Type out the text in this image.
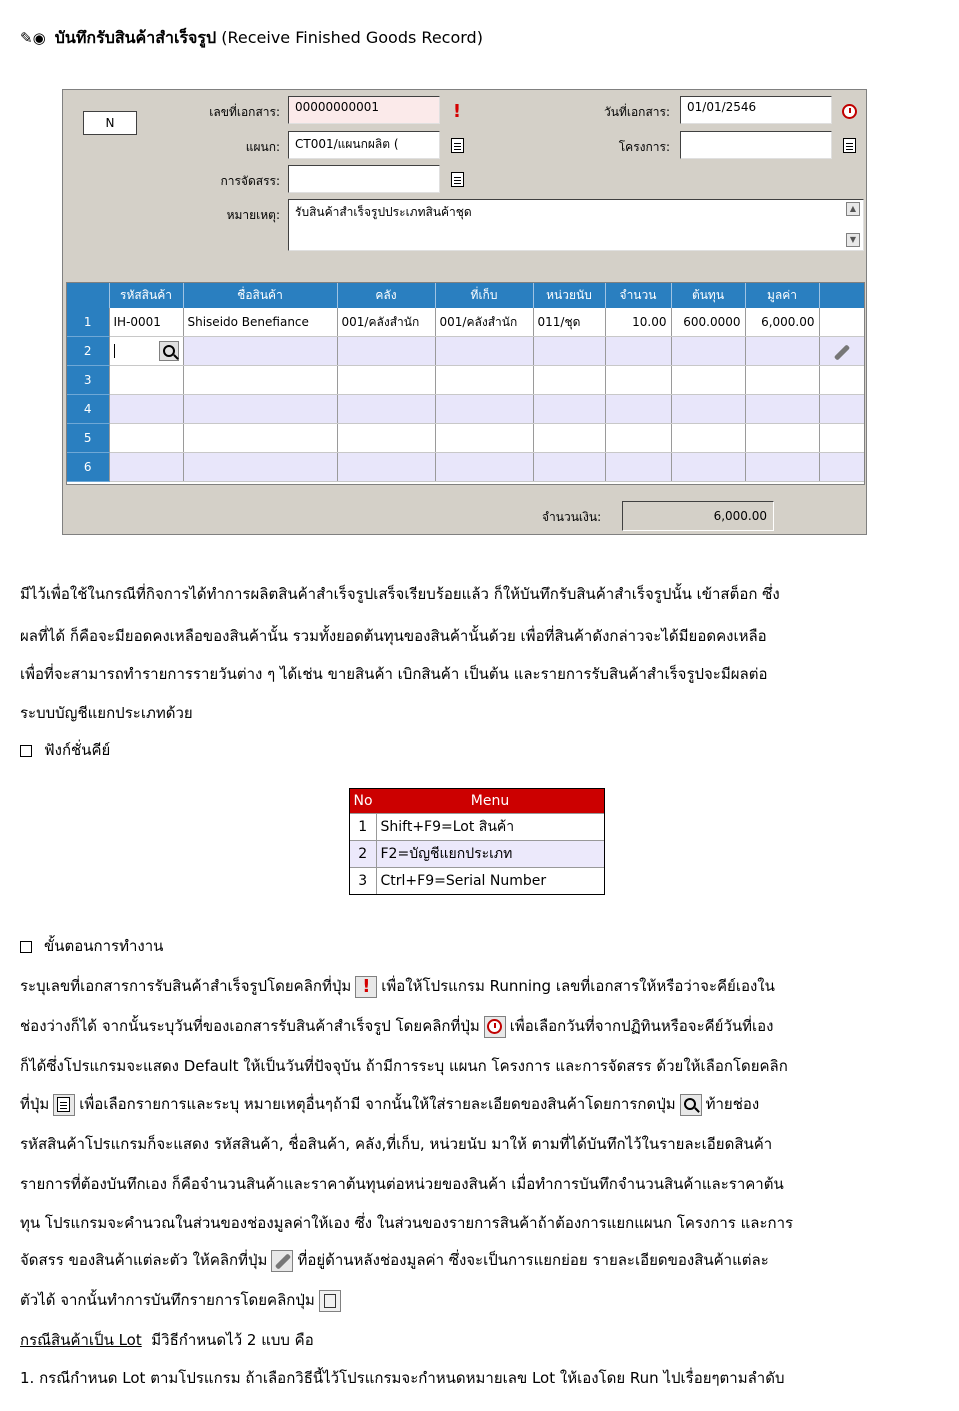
✎◉ บันทึกรับสินค้าสำเร็จรูป (Receive Finished Goods Record)
N
เลขที่เอกสาร:	00000000001	!
แผนก:	CT001/แผนกผลิต (
การจัดสรร:
วันที่เอกสาร:	01/01/2546
โครงการ:
หมายเหตุ:	รับสินค้าสำเร็จรูปประเภทสินค้าชุด	▲
▼
	รหัสสินค้า	ชื่อสินค้า	คลัง	ที่เก็บ	หน่วยนับ	จำนวน	ต้นทุน	มูลค่า	
1	IH-0001	Shiseido Benefiance	001/คลังสำนัก	001/คลังสำนัก	011/ชุด	10.00	600.0000	6,000.00	
2	

3									
4									
5									
6									
จำนวนเงิน:	6,000.00
มีไว้เพื่อใช้ในกรณีที่กิจการได้ทำการผลิตสินค้าสำเร็จรูปเสร็จเรียบร้อยแล้ว ก็ให้บันทึกรับสินค้าสำเร็จรูปนั้น เข้าสต็อก ซึ่ง
ผลที่ได้ ก็คือจะมียอดคงเหลือของสินค้านั้น รวมทั้งยอดต้นทุนของสินค้านั้นด้วย เพื่อที่สินค้าดังกล่าวจะได้มียอดคงเหลือ
เพื่อที่จะสามารถทำรายการรายวันต่าง ๆ ได้เช่น ขายสินค้า เบิกสินค้า เป็นต้น และรายการรับสินค้าสำเร็จรูปจะมีผลต่อ
ระบบบัญชีแยกประเภทด้วย
ฟังก์ชั่นคีย์
No	Menu
1	Shift+F9=Lot สินค้า
2	F2=บัญชีแยกประเภท
3	Ctrl+F9=Serial Number
ขั้นตอนการทำงาน
ระบุเลขที่เอกสารการรับสินค้าสำเร็จรูปโดยคลิกที่ปุ่ม ! เพื่อให้โปรแกรม Running เลขที่เอกสารให้หรือว่าจะคีย์เองใน
ช่องว่างก็ได้ จากนั้นระบุวันที่ของเอกสารรับสินค้าสำเร็จรูป โดยคลิกที่ปุ่ม เพื่อเลือกวันที่จากปฏิทินหรือจะคีย์วันที่เอง
ก็ได้ซึ่งโปรแกรมจะแสดง Default ให้เป็นวันที่ปัจจุบัน ถ้ามีการระบุ แผนก โครงการ และการจัดสรร ด้วยให้เลือกโดยคลิก
ที่ปุ่ม เพื่อเลือกรายการและระบุ หมายเหตุอื่นๆถ้ามี จากนั้นให้ใส่รายละเอียดของสินค้าโดยการกดปุ่ม ท้ายช่อง
รหัสสินค้าโปรแกรมก็จะแสดง รหัสสินค้า, ชื่อสินค้า, คลัง,ที่เก็บ, หน่วยนับ มาให้ ตามที่ได้บันทึกไว้ในรายละเอียดสินค้า
รายการที่ต้องบันทึกเอง ก็คือจำนวนสินค้าและราคาต้นทุนต่อหน่วยของสินค้า เมื่อทำการบันทึกจำนวนสินค้าและราคาต้น
ทุน โปรแกรมจะคำนวณในส่วนของช่องมูลค่าให้เอง ซึ่ง ในส่วนของรายการสินค้าถ้าต้องการแยกแผนก โครงการ และการ
จัดสรร ของสินค้าแต่ละตัว ให้คลิกที่ปุ่ม ที่อยู่ด้านหลังช่องมูลค่า ซึ่งจะเป็นการแยกย่อย รายละเอียดของสินค้าแต่ละ
ตัวได้ จากนั้นทำการบันทึกรายการโดยคลิกปุ่ม
กรณีสินค้าเป็น Lot มีวิธีกำหนดไว้ 2 แบบ คือ
1. กรณีกำหนด Lot ตามโปรแกรม ถ้าเลือกวิธีนี้ไว้โปรแกรมจะกำหนดหมายเลข Lot ให้เองโดย Run ไปเรื่อยๆตามลำดับ
